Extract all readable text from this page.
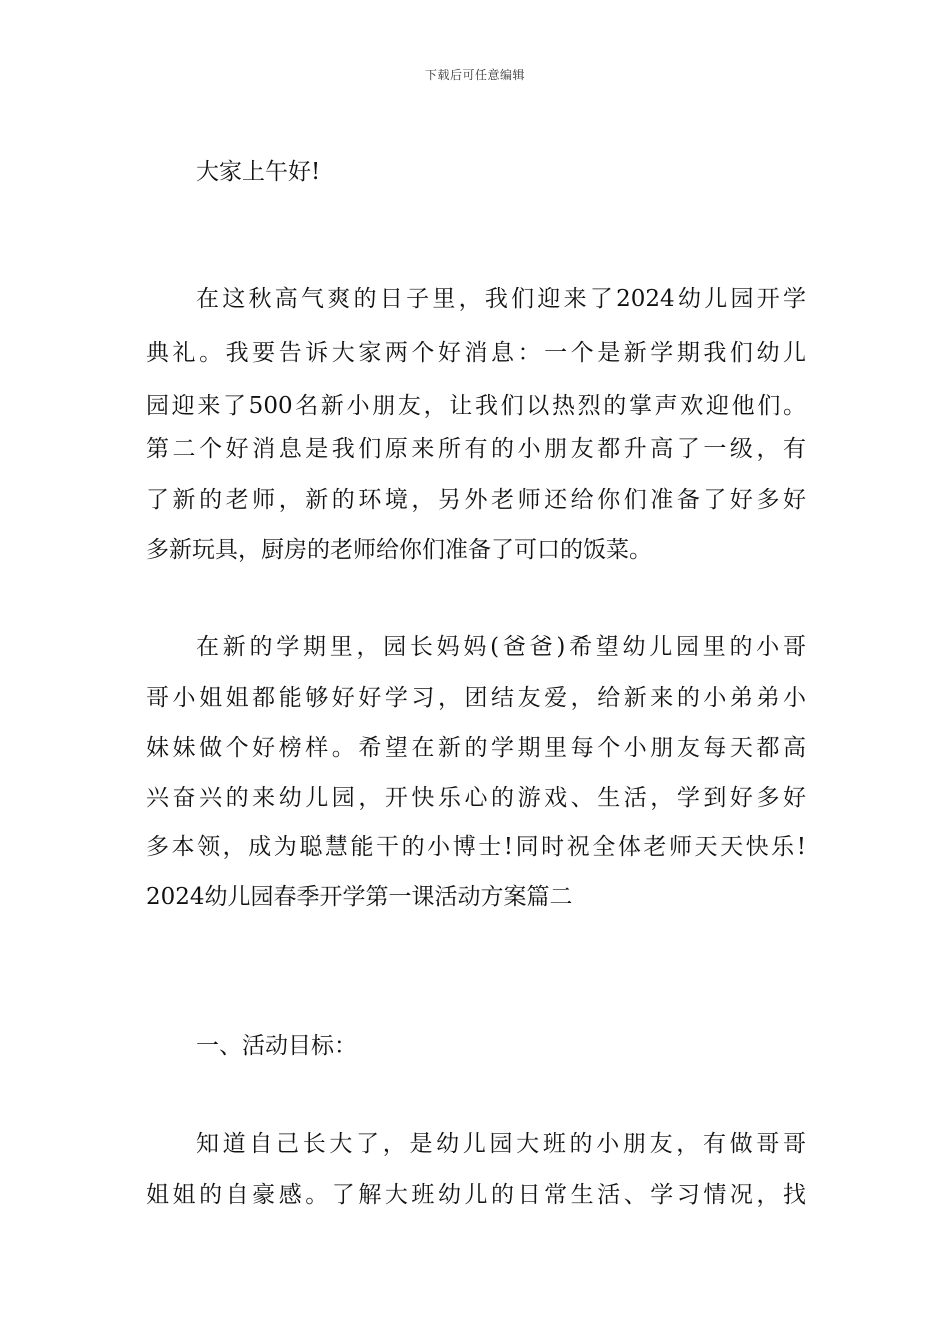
下载后可任意编辑
大家上午好!
在这秋高气爽的日子里，我们迎来了2024幼儿园开学
典礼。我要告诉大家两个好消息：一个是新学期我们幼儿
园迎来了500名新小朋友，让我们以热烈的掌声欢迎他们。
第二个好消息是我们原来所有的小朋友都升高了一级，有
了新的老师，新的环境，另外老师还给你们准备了好多好
多新玩具，厨房的老师给你们准备了可口的饭菜。
在新的学期里，园长妈妈(爸爸)希望幼儿园里的小哥
哥小姐姐都能够好好学习，团结友爱，给新来的小弟弟小
妹妹做个好榜样。希望在新的学期里每个小朋友每天都高
兴奋兴的来幼儿园，开快乐心的游戏、生活，学到好多好
多本领，成为聪慧能干的小博士!同时祝全体老师天天快乐!
2024幼儿园春季开学第一课活动方案篇二
一、活动目标：
知道自己长大了，是幼儿园大班的小朋友，有做哥哥
姐姐的自豪感。了解大班幼儿的日常生活、学习情况，找
